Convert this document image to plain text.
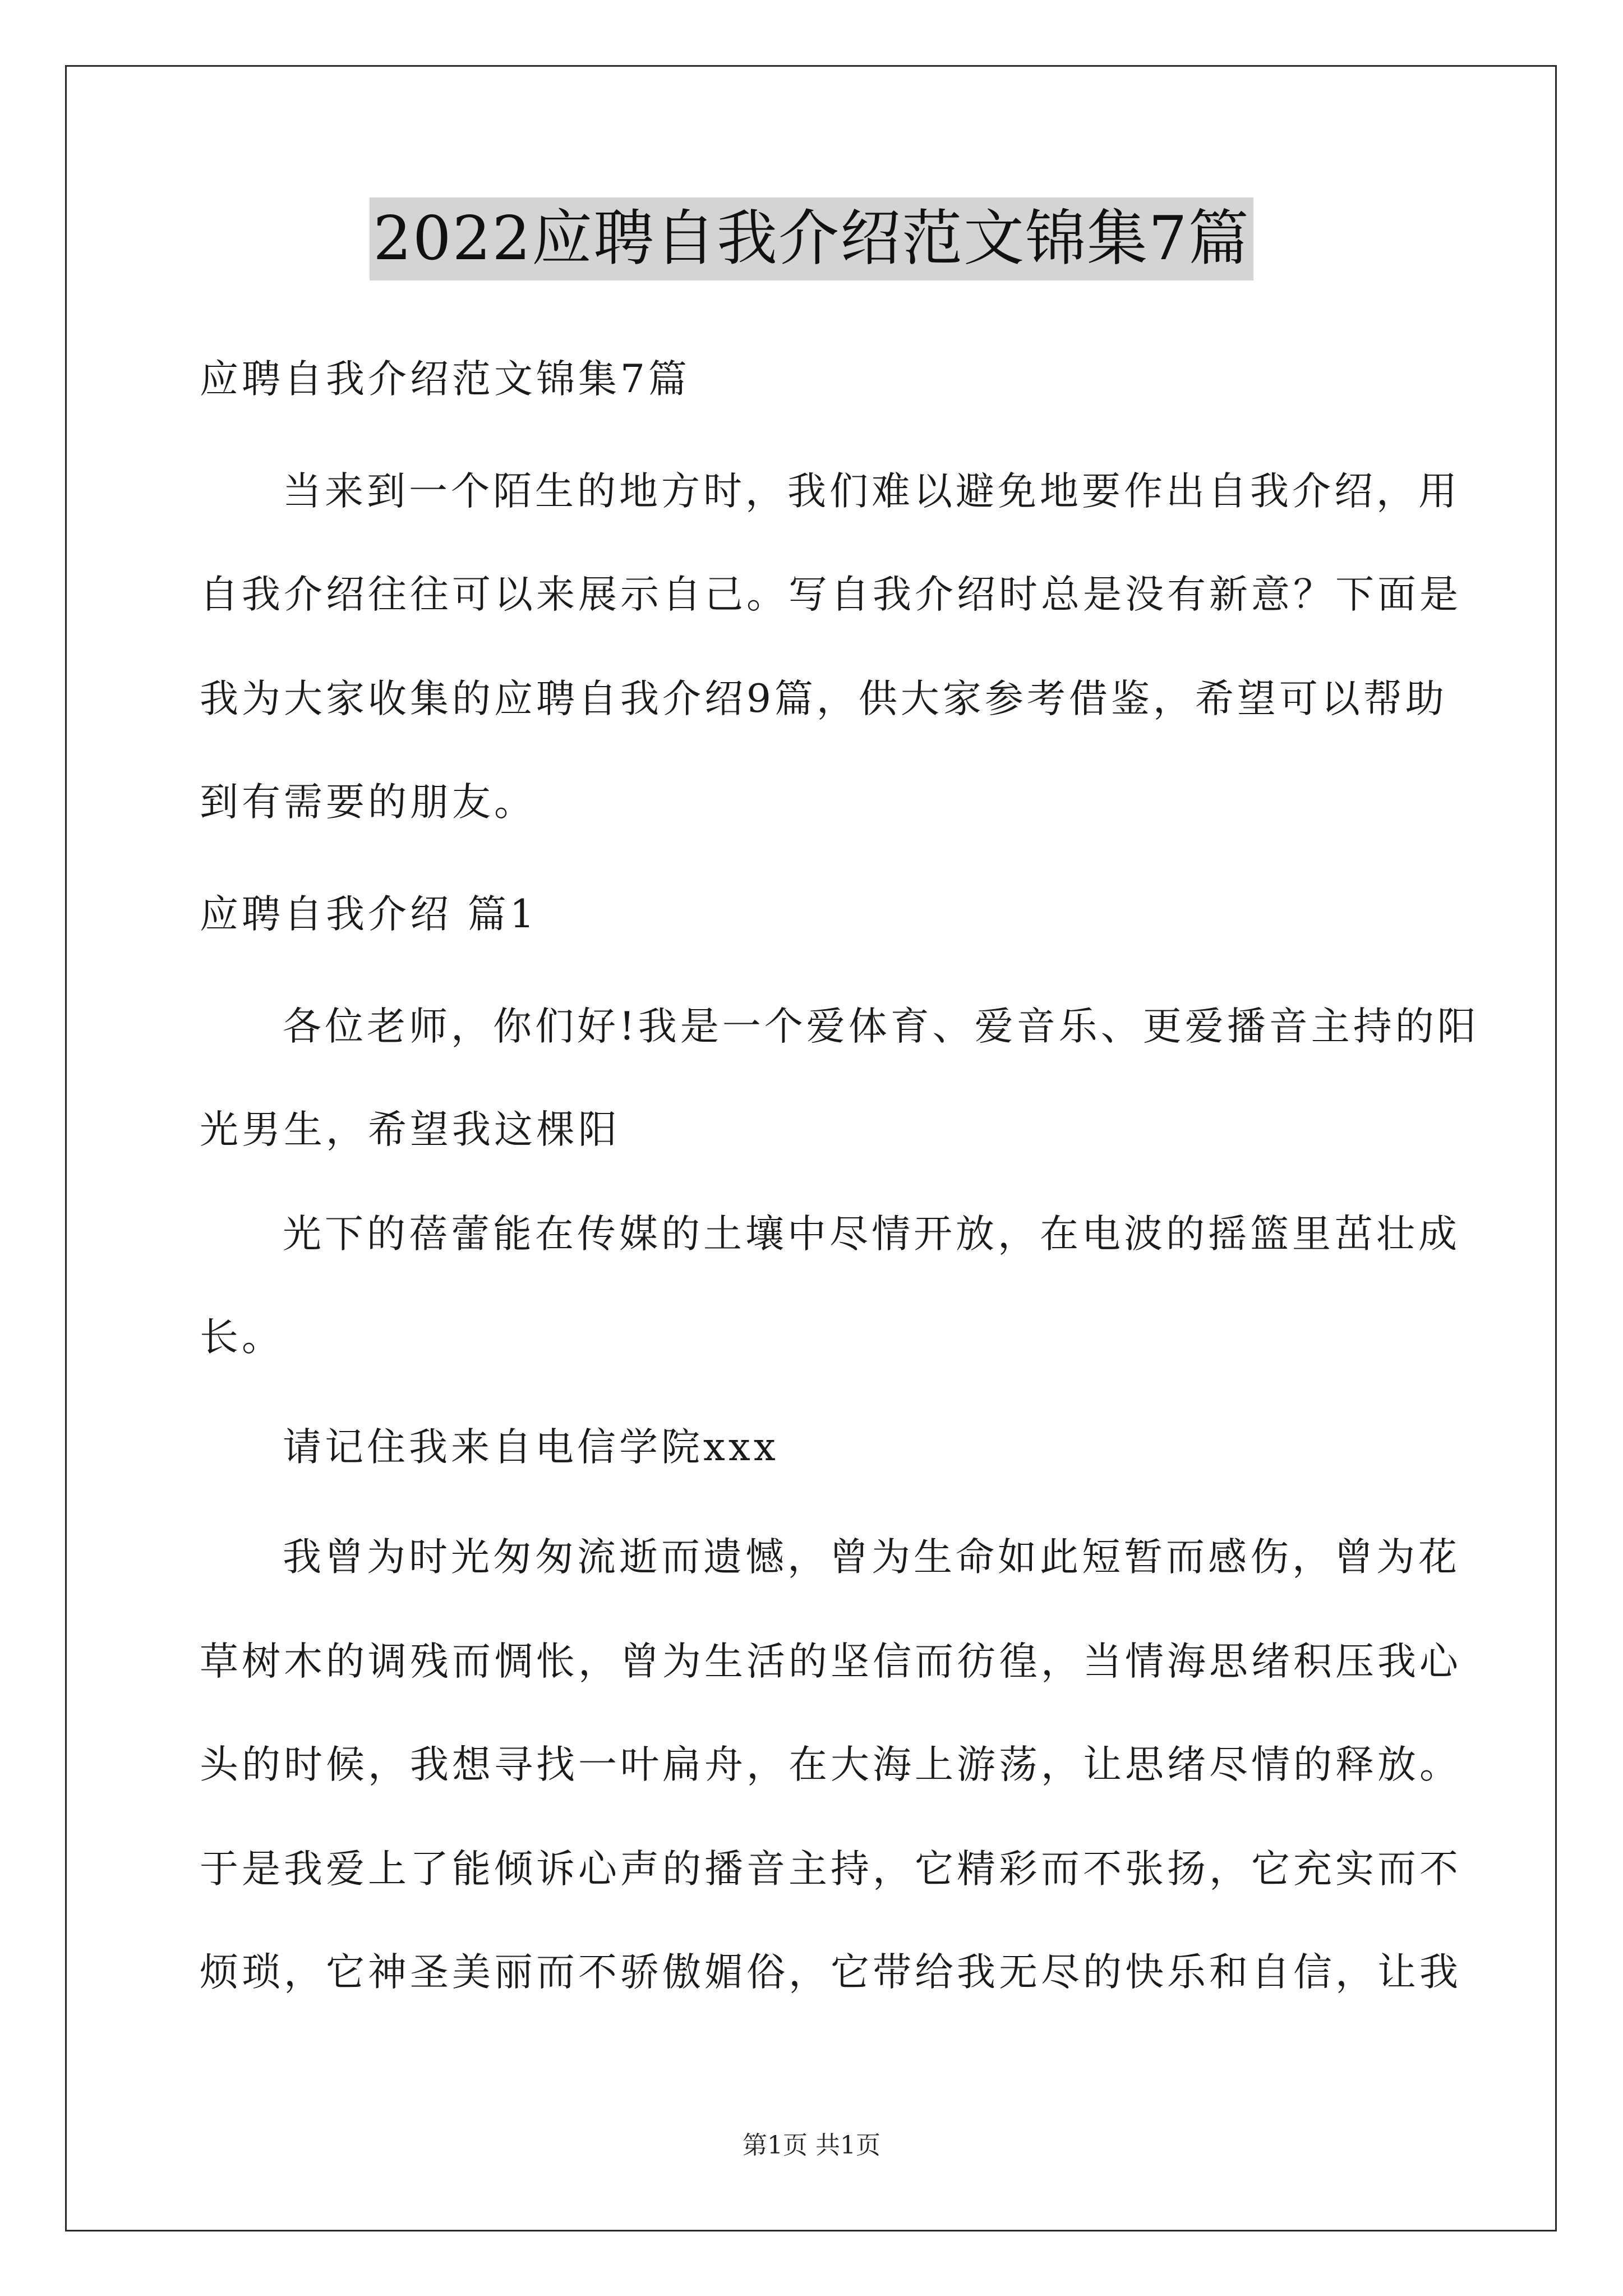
2022应聘自我介绍范文锦集7篇
应聘自我介绍范文锦集7篇
当来到一个陌生的地方时，我们难以避免地要作出自我介绍，用
自我介绍往往可以来展示自己。写自我介绍时总是没有新意？下面是
我为大家收集的应聘自我介绍9篇，供大家参考借鉴，希望可以帮助
到有需要的朋友。
应聘自我介绍 篇1
各位老师，你们好!我是一个爱体育、爱音乐、更爱播音主持的阳
光男生，希望我这棵阳
光下的蓓蕾能在传媒的土壤中尽情开放，在电波的摇篮里茁壮成
长。
请记住我来自电信学院xxx
我曾为时光匆匆流逝而遗憾，曾为生命如此短暂而感伤，曾为花
草树木的调残而惆怅，曾为生活的坚信而彷徨，当情海思绪积压我心
头的时候，我想寻找一叶扁舟，在大海上游荡，让思绪尽情的释放。
于是我爱上了能倾诉心声的播音主持，它精彩而不张扬，它充实而不
烦琐，它神圣美丽而不骄傲媚俗，它带给我无尽的快乐和自信，让我
第1页 共1页
